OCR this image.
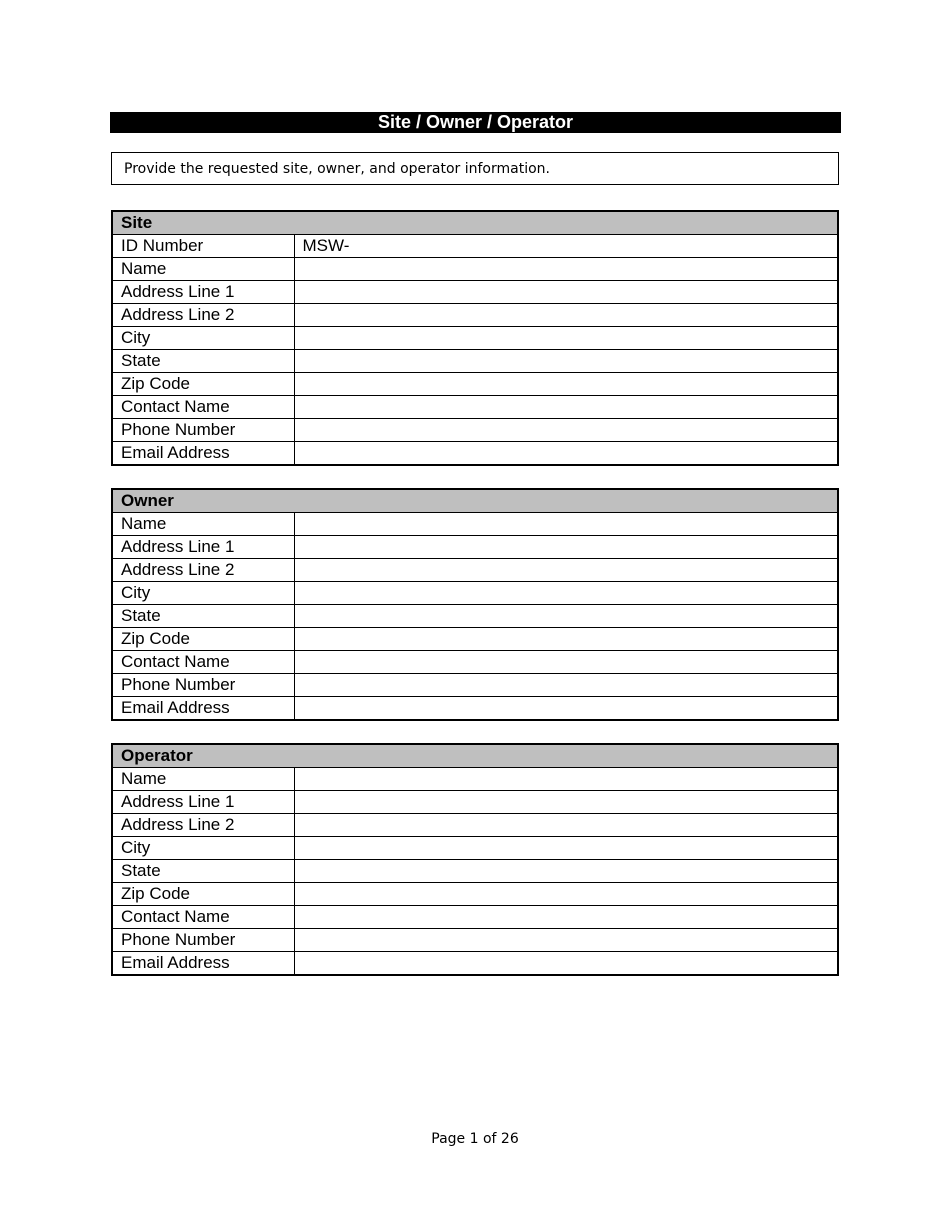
Site / Owner / Operator
Provide the requested site, owner, and operator information.
Site	
ID Number	MSW-
Name	
Address Line 1	
Address Line 2	
City	
State	
Zip Code	
Contact Name	
Phone Number	
Email Address	
Owner	
Name	
Address Line 1	
Address Line 2	
City	
State	
Zip Code	
Contact Name	
Phone Number	
Email Address	
Operator	
Name	
Address Line 1	
Address Line 2	
City	
State	
Zip Code	
Contact Name	
Phone Number	
Email Address	
Page 1 of 26
